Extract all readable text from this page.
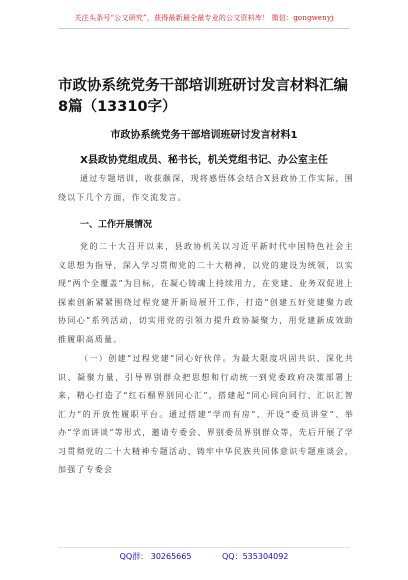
关注头条号“公文研究”，获得最新最全最专业的公文资料库！ 微信：gongwenyj
市政协系统党务干部培训班研讨发言材料汇编8篇（13310字）
市政协系统党务干部培训班研讨发言材料1
X县政协党组成员、秘书长，机关党组书记、办公室主任

通过专题培训，收获颇深，现将感悟体会结合X县政协工作实际，围绕以下几个方面，作交流发言。

一、工作开展情况

党的二十大召开以来，县政协机关以习近平新时代中国特色社会主义思想为指导，深入学习贯彻党的二十大精神，以党的建设为统领，以实现“两个全覆盖”为目标，在凝心铸魂上持续用力，在党建、业务双促进上探索创新紧紧围绕过程党建开新局展开工作，打造“创建五好党建聚力政协同心”系列活动，切实用党的引领力提升政协凝聚力，用党建新成效助推履职高质量。

（一）创建“过程党建”同心好伙伴。为最大限度巩固共识、深化共识、凝聚力量，引导界别群众把思想和行动统一到党委政府决策部署上来，精心打造了“红石榴界别同心汇”，搭建起“同心同向同行、汇识汇智汇力”的开放性履职平台。通过搭建“学而有房”、开设“委员讲堂”、举办“学而讲谈”等形式，邀请专委会、界别委员界别群众等，先后开展了学习贯彻党的二十大精神专题活动、铸牢中华民族共同体意识专题座谈会，加强了专委会

QQ群： 30265665	QQ：535304092
